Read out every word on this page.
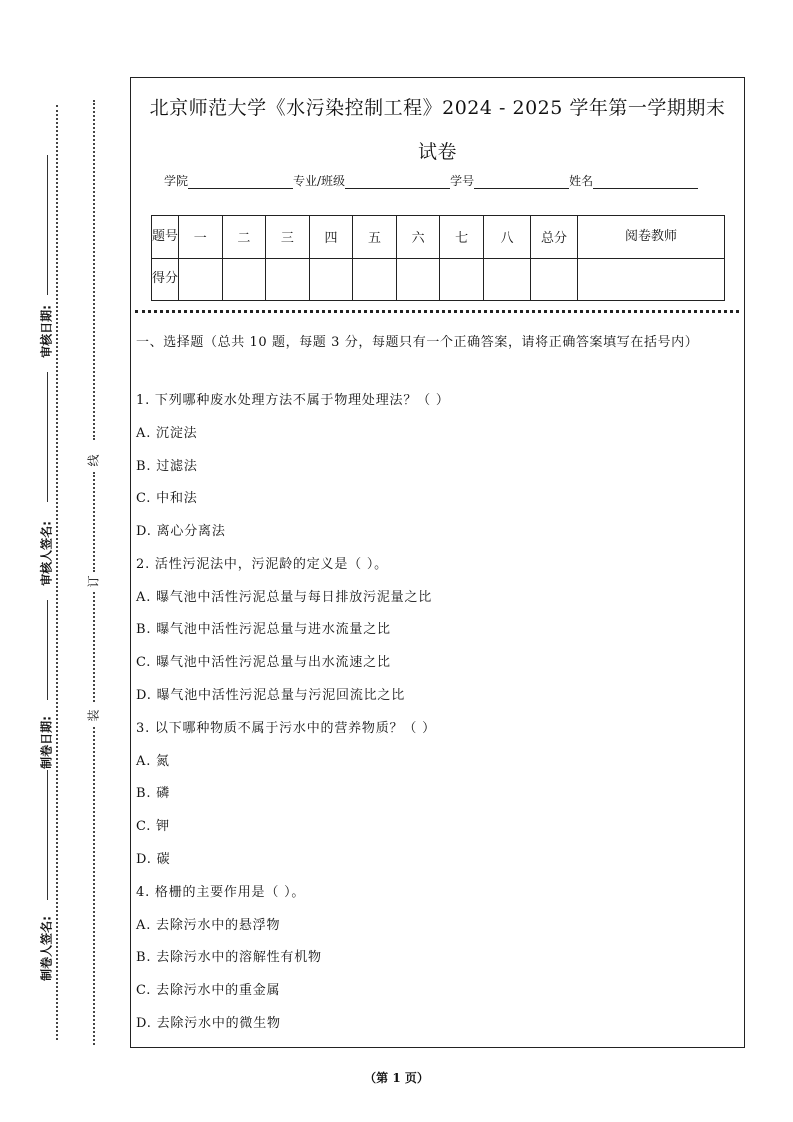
审核日期:
审核人签名:
制卷日期:
制卷人签名:
线
订
装
北京师范大学《水污染控制工程》2024 - 2025 学年第一学期期末
试卷
学院	专业/班级	学号	姓名
题号	一	二	三	四	五	六	七	八	总分	阅卷教师
得分										
一、选择题（总共 10 题，每题 3 分，每题只有一个正确答案，请将正确答案填写在括号内）
1. 下列哪种废水处理方法不属于物理处理法？（ ）
A. 沉淀法
B. 过滤法
C. 中和法
D. 离心分离法
2. 活性污泥法中，污泥龄的定义是（ ）。
A. 曝气池中活性污泥总量与每日排放污泥量之比
B. 曝气池中活性污泥总量与进水流量之比
C. 曝气池中活性污泥总量与出水流速之比
D. 曝气池中活性污泥总量与污泥回流比之比
3. 以下哪种物质不属于污水中的营养物质？（ ）
A. 氮
B. 磷
C. 钾
D. 碳
4. 格栅的主要作用是（ ）。
A. 去除污水中的悬浮物
B. 去除污水中的溶解性有机物
C. 去除污水中的重金属
D. 去除污水中的微生物
（第 1 页）
